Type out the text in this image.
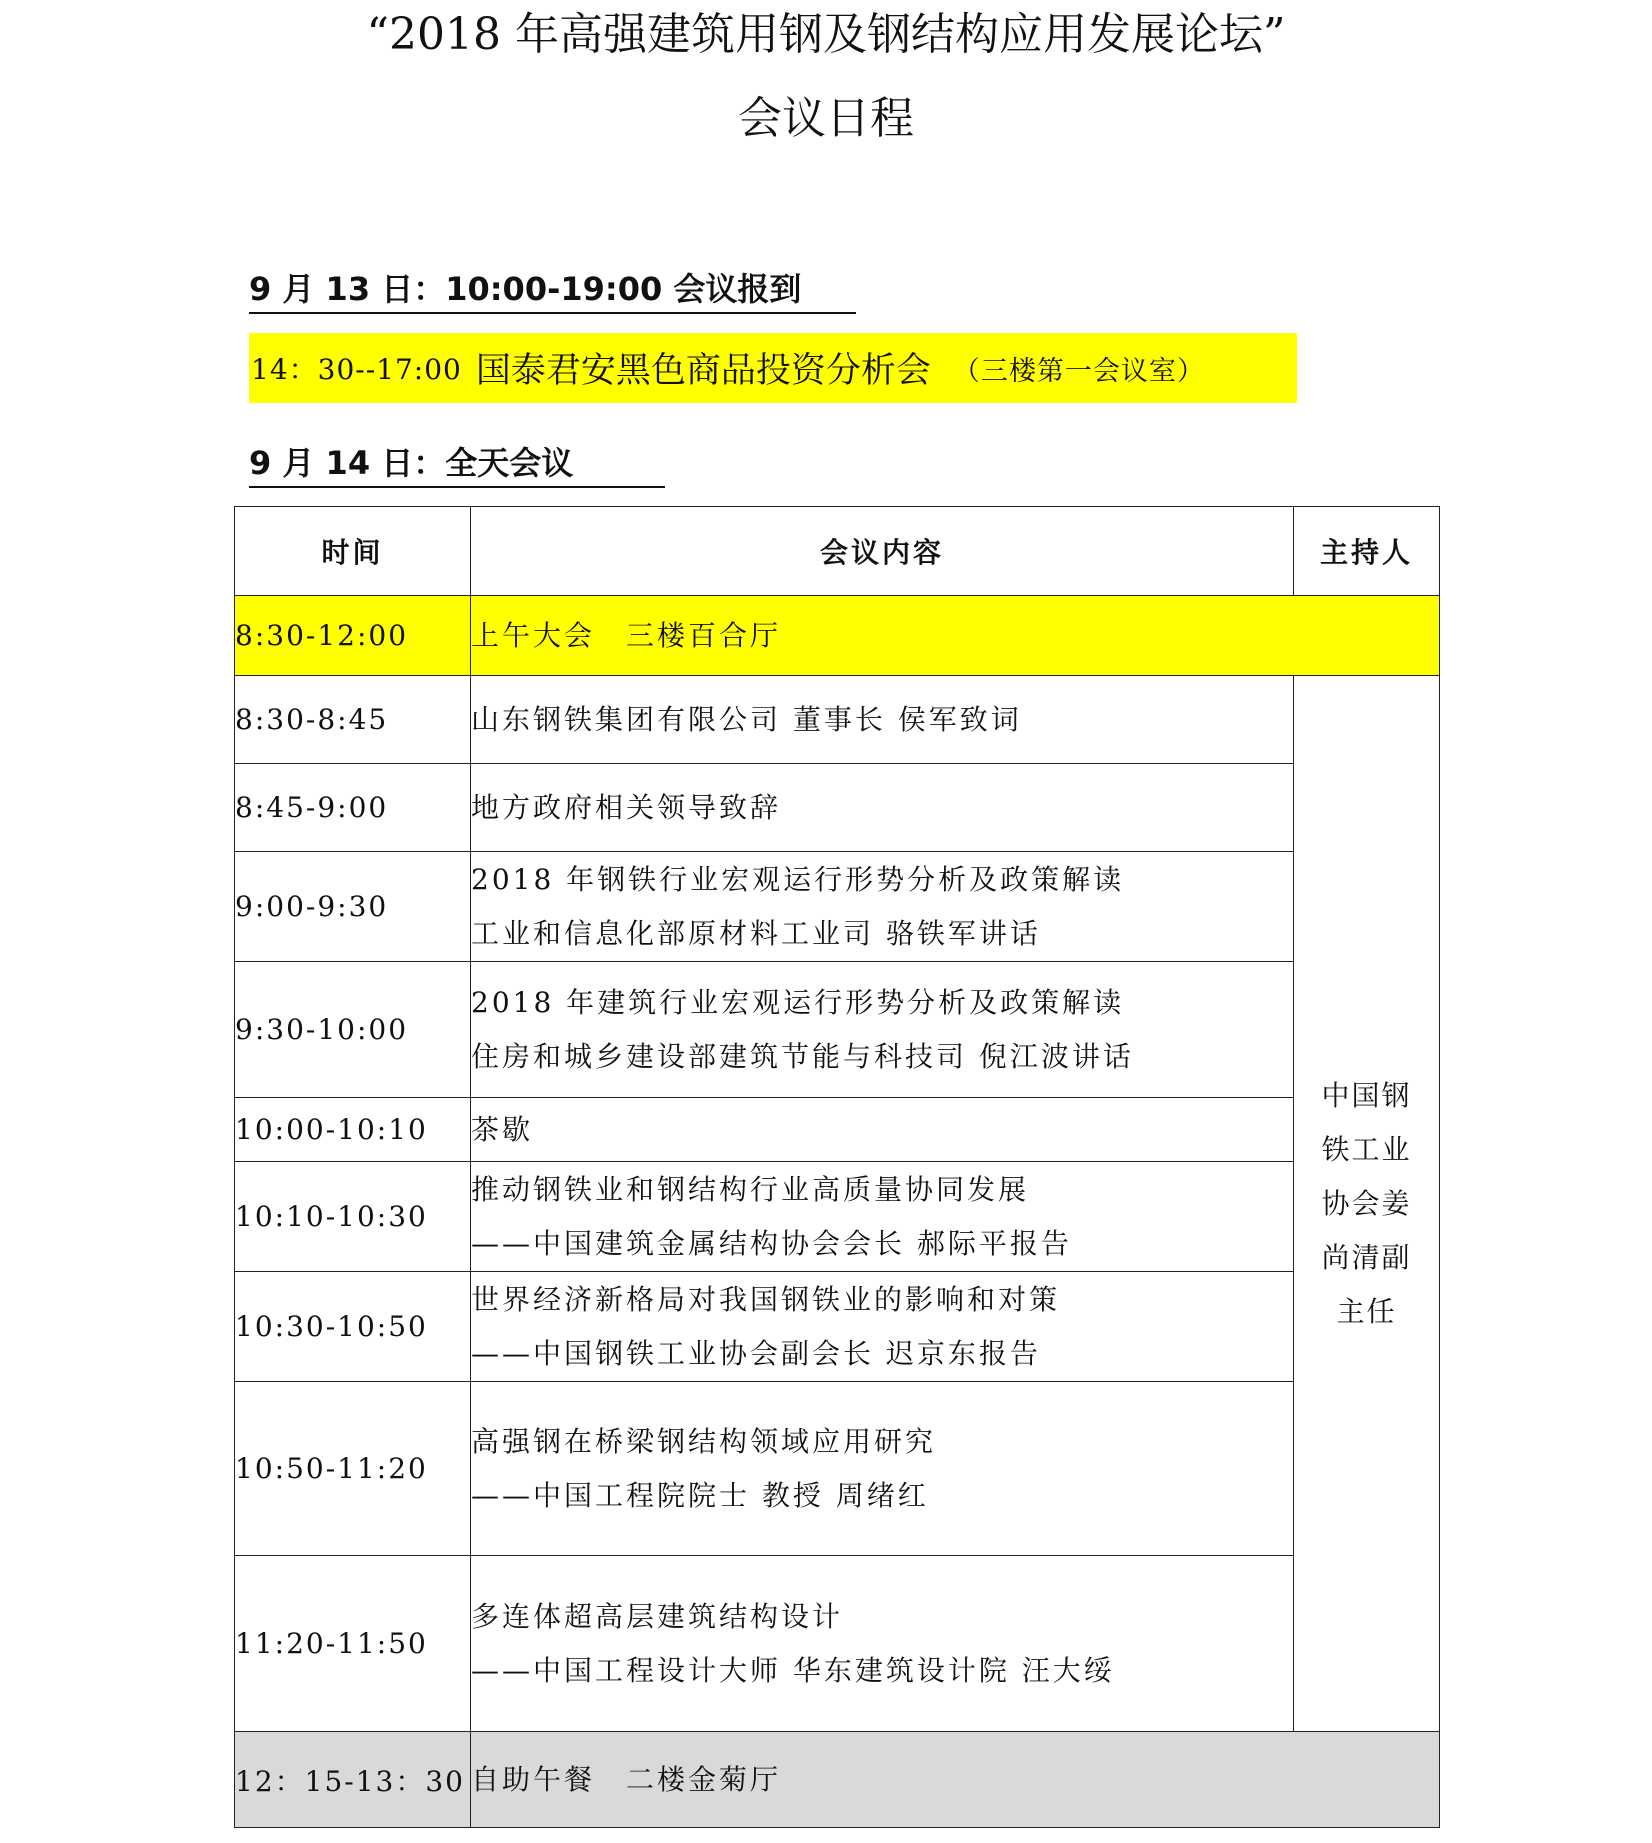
“2018 年高强建筑用钢及钢结构应用发展论坛”
会议日程
9 月 13 日：10:00-19:00 会议报到
14：30--17:00 国泰君安黑色商品投资分析会 （三楼第一会议室）
9 月 14 日：全天会议
时间	会议内容	主持人
8:30-12:00	上午大会　三楼百合厅	
8:30-8:45	山东钢铁集团有限公司 董事长 侯军致词	中国钢铁工业协会姜尚清副主任
8:45-9:00	地方政府相关领导致辞	

9:00-9:30	2018 年钢铁行业宏观运行形势分析及政策解读
工业和信息化部原材料工业司 骆铁军讲话	

9:30-10:00	2018 年建筑行业宏观运行形势分析及政策解读
住房和城乡建设部建筑节能与科技司 倪江波讲话	

10:00-10:10	茶歇	

10:10-10:30	推动钢铁业和钢结构行业高质量协同发展
——中国建筑金属结构协会会长 郝际平报告	

10:30-10:50	世界经济新格局对我国钢铁业的影响和对策
——中国钢铁工业协会副会长 迟京东报告	

10:50-11:20	高强钢在桥梁钢结构领域应用研究
——中国工程院院士 教授 周绪红	

11:20-11:50	多连体超高层建筑结构设计
——中国工程设计大师 华东建筑设计院 汪大绥	

12：15-13：30	自助午餐　二楼金菊厅	
